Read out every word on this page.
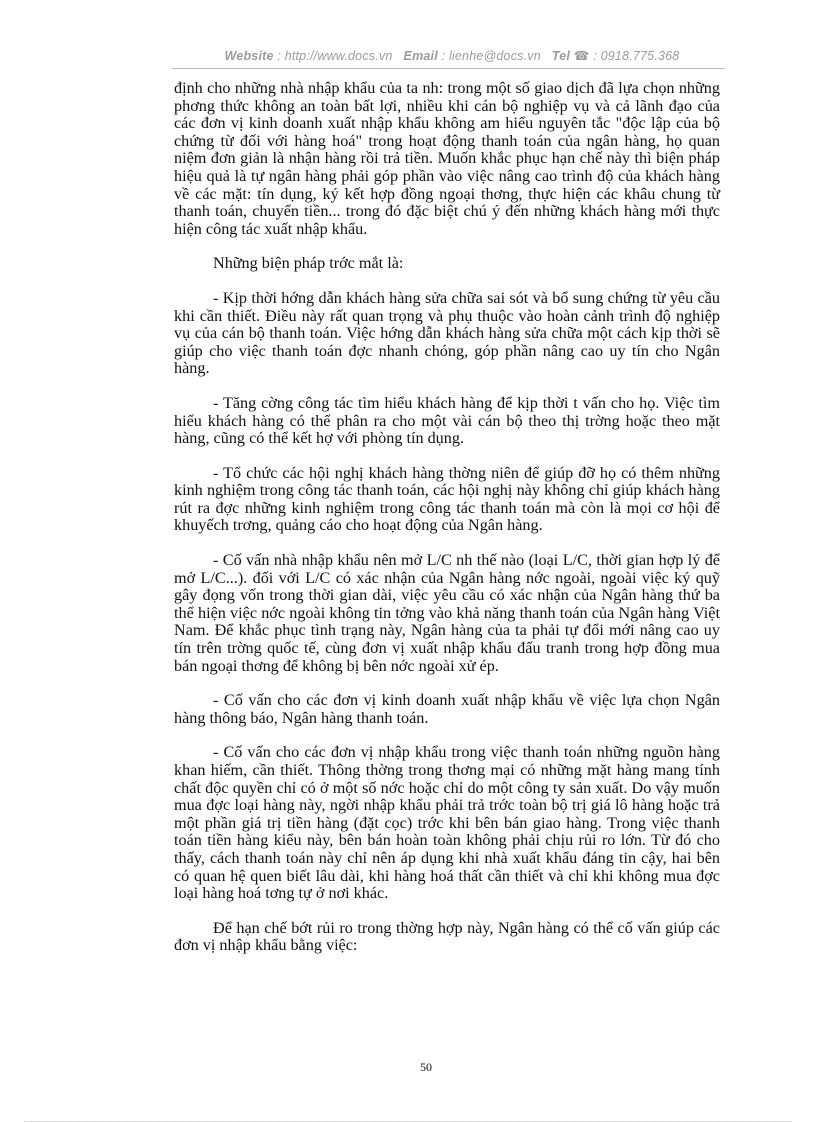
Website : http://www.docs.vn Email : lienhe@docs.vn Tel ☎ : 0918.775.368

định cho những nhà nhập khẩu của ta nh: trong một số giao dịch đã lựa chọn những phơng thức không an toàn bất lợi, nhiều khi cán bộ nghiệp vụ và cả lãnh đạo của các đơn vị kinh doanh xuất nhập khẩu không am hiểu nguyên tắc "độc lập của bộ chứng từ đối với hàng hoá" trong hoạt động thanh toán của ngân hàng, họ quan niệm đơn giản là nhận hàng rồi trả tiền. Muốn khắc phục hạn chế này thì biện pháp hiệu quả là tự ngân hàng phải góp phần vào việc nâng cao trình độ của khách hàng về các mặt: tín dụng, ký kết hợp đồng ngoại thơng, thực hiện các khâu chung từ thanh toán, chuyển tiền... trong đó đặc biệt chú ý đến những khách hàng mới thực hiện công tác xuất nhập khẩu.

Những biện pháp trớc mắt là:

- Kịp thời hớng dẫn khách hàng sửa chữa sai sót và bổ sung chứng từ yêu cầu khi cần thiết. Điều này rất quan trọng và phụ thuộc vào hoàn cảnh trình độ nghiệp vụ của cán bộ thanh toán. Việc hớng dẫn khách hàng sửa chữa một cách kịp thời sẽ giúp cho việc thanh toán đợc nhanh chóng, góp phần nâng cao uy tín cho Ngân hàng.

- Tăng cờng công tác tìm hiểu khách hàng để kịp thời t vấn cho họ. Việc tìm hiểu khách hàng có thể phân ra cho một vài cán bộ theo thị trờng hoặc theo mặt hàng, cũng có thể kết hợ với phòng tín dụng.

- Tổ chức các hội nghị khách hàng thờng niên để giúp đỡ họ có thêm những kinh nghiệm trong công tác thanh toán, các hội nghị này không chỉ giúp khách hàng rút ra đợc những kinh nghiệm trong công tác thanh toán mà còn là mọi cơ hội để khuyếch trơng, quảng cáo cho hoạt động của Ngân hàng.

- Cố vấn nhà nhập khẩu nên mở L/C nh thế nào (loại L/C, thời gian hợp lý để mở L/C...). đối với L/C có xác nhận của Ngân hàng nớc ngoài, ngoài việc ký quỹ gây đọng vốn trong thời gian dài, việc yêu cầu có xác nhận của Ngân hàng thứ ba thể hiện việc nớc ngoài không tin tởng vào khả năng thanh toán của Ngân hàng Việt Nam. Để khắc phục tình trạng này, Ngân hàng của ta phải tự đổi mới nâng cao uy tín trên trờng quốc tế, cùng đơn vị xuất nhập khẩu đấu tranh trong hợp đồng mua bán ngoại thơng để không bị bên nớc ngoài xử ép.

- Cố vấn cho các đơn vị kinh doanh xuất nhập khẩu về việc lựa chọn Ngân hàng thông báo, Ngân hàng thanh toán.

- Cố vấn cho các đơn vị nhập khẩu trong việc thanh toán những nguồn hàng khan hiếm, cần thiết. Thông thờng trong thơng mại có những mặt hàng mang tính chất độc quyền chỉ có ở một số nớc hoặc chỉ do một công ty sản xuất. Do vậy muốn mua đợc loại hàng này, ngời nhập khẩu phải trả trớc toàn bộ trị giá lô hàng hoặc trả một phần giá trị tiền hàng (đặt cọc) trớc khi bên bán giao hàng. Trong việc thanh toán tiền hàng kiểu này, bên bán hoàn toàn không phải chịu rủi ro lớn. Từ đó cho thấy, cách thanh toán này chỉ nên áp dụng khi nhà xuất khẩu đáng tin cậy, hai bên có quan hệ quen biết lâu dài, khi hàng hoá thất cần thiết và chỉ khi không mua đợc loại hàng hoá tơng tự ở nơi khác.

Để hạn chế bớt rủi ro trong thờng hợp này, Ngân hàng có thể cố vấn giúp các đơn vị nhập khẩu bằng việc:

50
